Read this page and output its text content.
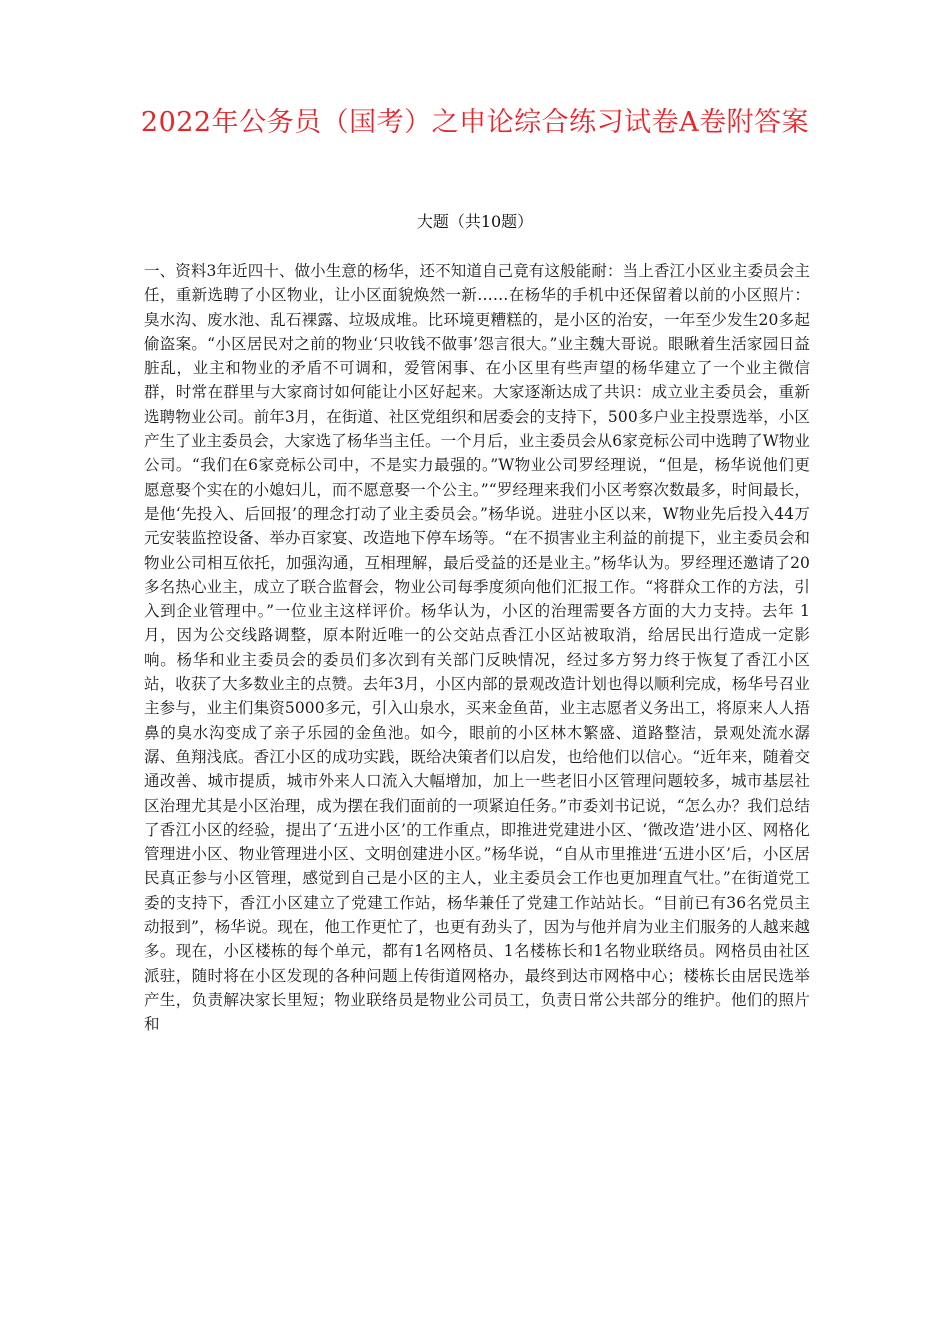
2022年公务员（国考）之申论综合练习试卷A卷附答案
大题（共10题）
一、资料3年近四十、做小生意的杨华，还不知道自己竟有这般能耐：当上香江小区业主委员会主任，重新选聘了小区物业，让小区面貌焕然一新……在杨华的手机中还保留着以前的小区照片：臭水沟、废水池、乱石裸露、垃圾成堆。比环境更糟糕的，是小区的治安，一年至少发生20多起偷盗案。“小区居民对之前的物业‘只收钱不做事’怨言很大。”业主魏大哥说。眼瞅着生活家园日益脏乱，业主和物业的矛盾不可调和，爱管闲事、在小区里有些声望的杨华建立了一个业主微信群，时常在群里与大家商讨如何能让小区好起来。大家逐渐达成了共识：成立业主委员会，重新选聘物业公司。前年3月，在街道、社区党组织和居委会的支持下，500多户业主投票选举，小区产生了业主委员会，大家选了杨华当主任。一个月后，业主委员会从6家竞标公司中选聘了W物业公司。“我们在6家竞标公司中，不是实力最强的。”W物业公司罗经理说，“但是，杨华说他们更愿意娶个实在的小媳妇儿，而不愿意娶一个公主。”“罗经理来我们小区考察次数最多，时间最长，是他‘先投入、后回报’的理念打动了业主委员会。”杨华说。进驻小区以来，W物业先后投入44万元安装监控设备、举办百家宴、改造地下停车场等。“在不损害业主利益的前提下，业主委员会和物业公司相互依托，加强沟通，互相理解，最后受益的还是业主。”杨华认为。罗经理还邀请了20多名热心业主，成立了联合监督会，物业公司每季度须向他们汇报工作。“将群众工作的方法，引入到企业管理中。”一位业主这样评价。杨华认为，小区的治理需要各方面的大力支持。去年 1 月，因为公交线路调整，原本附近唯一的公交站点香江小区站被取消，给居民出行造成一定影响。杨华和业主委员会的委员们多次到有关部门反映情况，经过多方努力终于恢复了香江小区站，收获了大多数业主的点赞。去年3月，小区内部的景观改造计划也得以顺利完成，杨华号召业主参与，业主们集资5000多元，引入山泉水，买来金鱼苗，业主志愿者义务出工，将原来人人捂鼻的臭水沟变成了亲子乐园的金鱼池。如今，眼前的小区林木繁盛、道路整洁，景观处流水潺潺、鱼翔浅底。香江小区的成功实践，既给决策者们以启发，也给他们以信心。“近年来，随着交通改善、城市提质，城市外来人口流入大幅增加，加上一些老旧小区管理问题较多，城市基层社区治理尤其是小区治理，成为摆在我们面前的一项紧迫任务。”市委刘书记说，“怎么办？我们总结了香江小区的经验，提出了‘五进小区’的工作重点，即推进党建进小区、‘微改造’进小区、网格化管理进小区、物业管理进小区、文明创建进小区。”杨华说，“自从市里推进‘五进小区’后，小区居民真正参与小区管理，感觉到自己是小区的主人，业主委员会工作也更加理直气壮。”在街道党工委的支持下，香江小区建立了党建工作站，杨华兼任了党建工作站站长。“目前已有36名党员主动报到”，杨华说。现在，他工作更忙了，也更有劲头了，因为与他并肩为业主们服务的人越来越多。现在，小区楼栋的每个单元，都有1名网格员、1名楼栋长和1名物业联络员。网格员由社区派驻，随时将在小区发现的各种问题上传街道网格办，最终到达市网格中心；楼栋长由居民选举产生，负责解决家长里短；物业联络员是物业公司员工，负责日常公共部分的维护。他们的照片和
